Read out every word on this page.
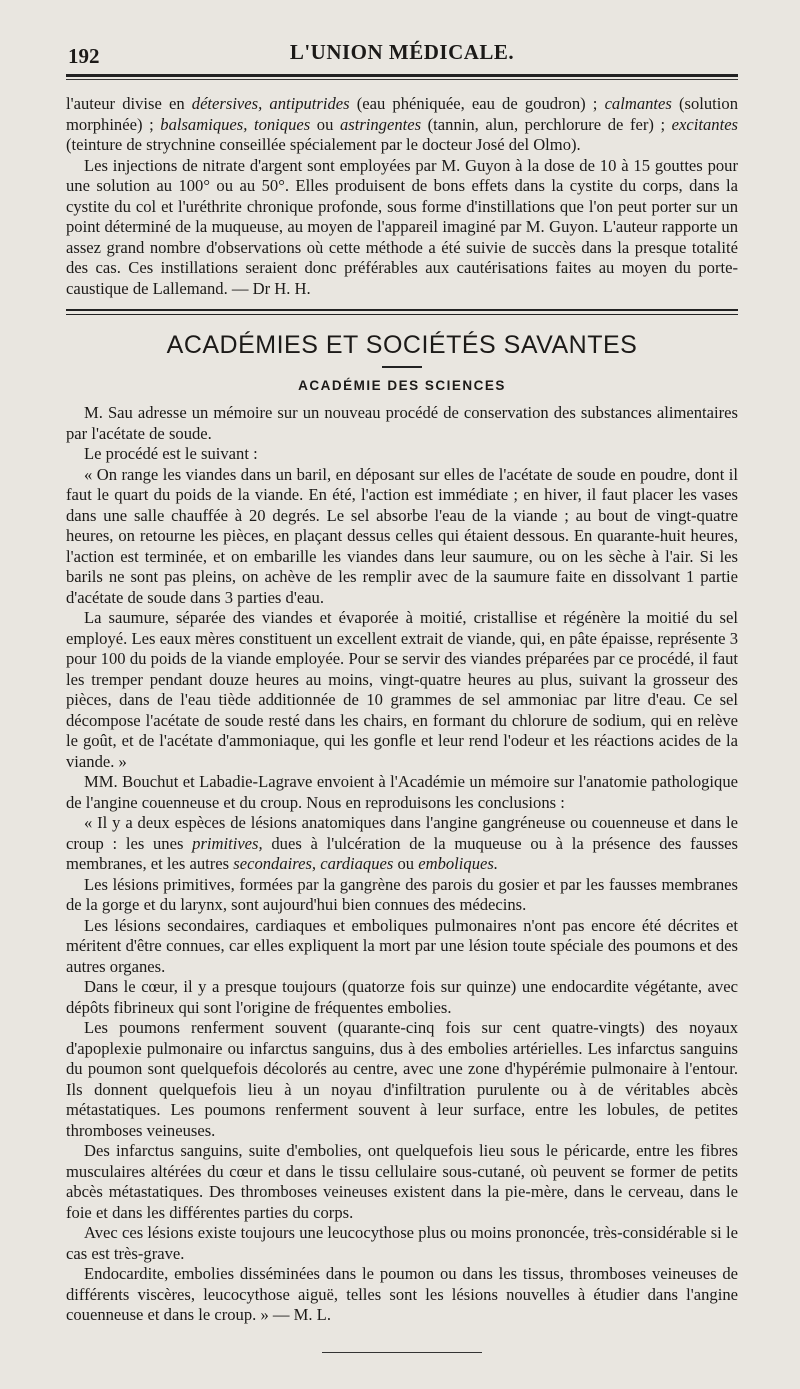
192	L'UNION MÉDICALE.

l'auteur divise en détersives, antiputrides (eau phéniquée, eau de goudron) ; calmantes (solution morphinée) ; balsamiques, toniques ou astringentes (tannin, alun, perchlorure de fer) ; excitantes (teinture de strychnine conseillée spécialement par le docteur José del Olmo).

Les injections de nitrate d'argent sont employées par M. Guyon à la dose de 10 à 15 gouttes pour une solution au 100° ou au 50°. Elles produisent de bons effets dans la cystite du corps, dans la cystite du col et l'uréthrite chronique profonde, sous forme d'instillations que l'on peut porter sur un point déterminé de la muqueuse, au moyen de l'appareil imaginé par M. Guyon. L'auteur rapporte un assez grand nombre d'observations où cette méthode a été suivie de succès dans la presque totalité des cas. Ces instillations seraient donc préférables aux cautérisations faites au moyen du porte-caustique de Lallemand. — Dr H. H.

ACADÉMIES ET SOCIÉTÉS SAVANTES
ACADÉMIE DES SCIENCES

M. Sau adresse un mémoire sur un nouveau procédé de conservation des substances alimentaires par l'acétate de soude.

Le procédé est le suivant :

« On range les viandes dans un baril, en déposant sur elles de l'acétate de soude en poudre, dont il faut le quart du poids de la viande. En été, l'action est immédiate ; en hiver, il faut placer les vases dans une salle chauffée à 20 degrés. Le sel absorbe l'eau de la viande ; au bout de vingt-quatre heures, on retourne les pièces, en plaçant dessus celles qui étaient dessous. En quarante-huit heures, l'action est terminée, et on embarille les viandes dans leur saumure, ou on les sèche à l'air. Si les barils ne sont pas pleins, on achève de les remplir avec de la saumure faite en dissolvant 1 partie d'acétate de soude dans 3 parties d'eau.

La saumure, séparée des viandes et évaporée à moitié, cristallise et régénère la moitié du sel employé. Les eaux mères constituent un excellent extrait de viande, qui, en pâte épaisse, représente 3 pour 100 du poids de la viande employée. Pour se servir des viandes préparées par ce procédé, il faut les tremper pendant douze heures au moins, vingt-quatre heures au plus, suivant la grosseur des pièces, dans de l'eau tiède additionnée de 10 grammes de sel ammoniac par litre d'eau. Ce sel décompose l'acétate de soude resté dans les chairs, en formant du chlorure de sodium, qui en relève le goût, et de l'acétate d'ammoniaque, qui les gonfle et leur rend l'odeur et les réactions acides de la viande. »

MM. Bouchut et Labadie-Lagrave envoient à l'Académie un mémoire sur l'anatomie pathologique de l'angine couenneuse et du croup. Nous en reproduisons les conclusions :

« Il y a deux espèces de lésions anatomiques dans l'angine gangréneuse ou couenneuse et dans le croup : les unes primitives, dues à l'ulcération de la muqueuse ou à la présence des fausses membranes, et les autres secondaires, cardiaques ou emboliques.

Les lésions primitives, formées par la gangrène des parois du gosier et par les fausses membranes de la gorge et du larynx, sont aujourd'hui bien connues des médecins.

Les lésions secondaires, cardiaques et emboliques pulmonaires n'ont pas encore été décrites et méritent d'être connues, car elles expliquent la mort par une lésion toute spéciale des poumons et des autres organes.

Dans le cœur, il y a presque toujours (quatorze fois sur quinze) une endocardite végétante, avec dépôts fibrineux qui sont l'origine de fréquentes embolies.

Les poumons renferment souvent (quarante-cinq fois sur cent quatre-vingts) des noyaux d'apoplexie pulmonaire ou infarctus sanguins, dus à des embolies artérielles. Les infarctus sanguins du poumon sont quelquefois décolorés au centre, avec une zone d'hypérémie pulmonaire à l'entour. Ils donnent quelquefois lieu à un noyau d'infiltration purulente ou à de véritables abcès métastatiques. Les poumons renferment souvent à leur surface, entre les lobules, de petites thromboses veineuses.

Des infarctus sanguins, suite d'embolies, ont quelquefois lieu sous le péricarde, entre les fibres musculaires altérées du cœur et dans le tissu cellulaire sous-cutané, où peuvent se former de petits abcès métastatiques. Des thromboses veineuses existent dans la pie-mère, dans le cerveau, dans le foie et dans les différentes parties du corps.

Avec ces lésions existe toujours une leucocythose plus ou moins prononcée, très-considérable si le cas est très-grave.

Endocardite, embolies disséminées dans le poumon ou dans les tissus, thromboses veineuses de différents viscères, leucocythose aiguë, telles sont les lésions nouvelles à étudier dans l'angine couenneuse et dans le croup. » — M. L.
